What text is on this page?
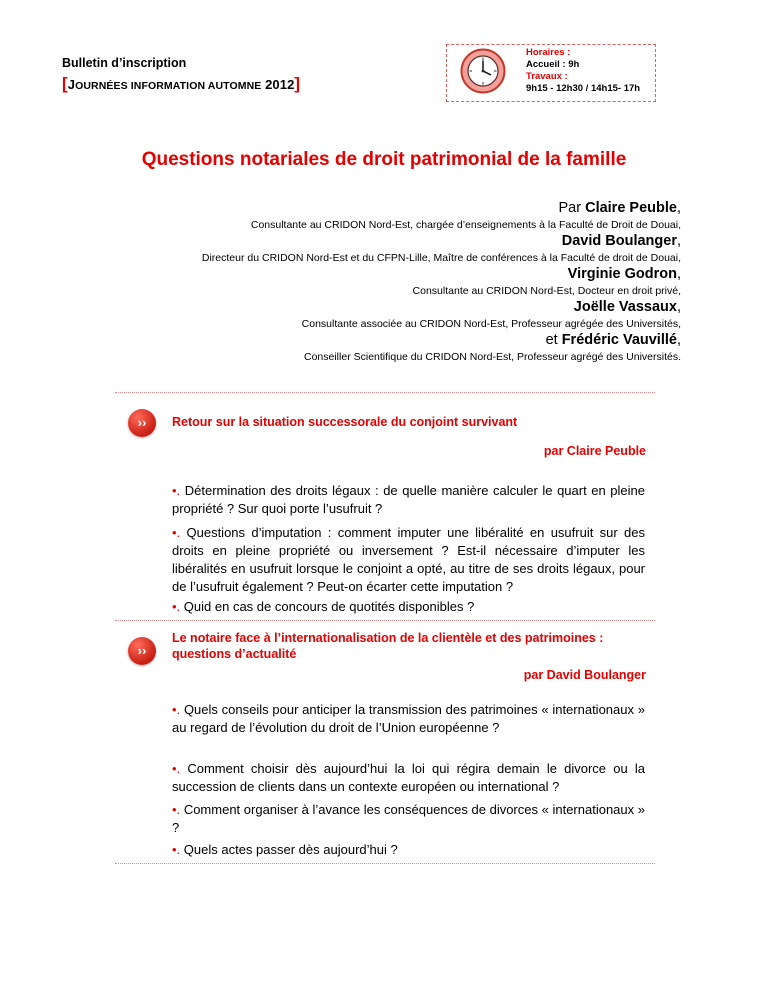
Bulletin d’inscription
[JOURNÉES INFORMATION AUTOMNE 2012]
Horaires :
Accueil : 9h
Travaux :
9h15 - 12h30 / 14h15- 17h
Questions notariales de droit patrimonial de la famille
Par Claire Peuble,
Consultante au CRIDON Nord-Est, chargée d’enseignements à la Faculté de Droit de Douai,
David Boulanger,
Directeur du CRIDON Nord-Est et du CFPN-Lille, Maître de conférences à la Faculté de droit de Douai,
Virginie Godron,
Consultante au CRIDON Nord-Est, Docteur en droit privé,
Joëlle Vassaux,
Consultante associée au CRIDON Nord-Est, Professeur agrégée des Universités,
et Frédéric Vauvillé,
Conseiller Scientifique du CRIDON Nord-Est, Professeur agrégé des Universités.
››	Retour sur la situation successorale du conjoint survivant
par Claire Peuble
•. Détermination des droits légaux : de quelle manière calculer le quart en pleine propriété ? Sur quoi porte l’usufruit ?
•. Questions d’imputation : comment imputer une libéralité en usufruit sur des droits en pleine propriété ou inversement ? Est-il nécessaire d’imputer les libéralités en usufruit lorsque le conjoint a opté, au titre de ses droits légaux, pour de l’usufruit également ? Peut-on écarter cette imputation ?
•. Quid en cas de concours de quotités disponibles ?
››
Le notaire face à l’internationalisation de la clientèle et des patrimoines : questions d’actualité
par David Boulanger
•. Quels conseils pour anticiper la transmission des patrimoines « internationaux » au regard de l’évolution du droit de l’Union européenne ?
•. Comment choisir dès aujourd’hui la loi qui régira demain le divorce ou la succession de clients dans un contexte européen ou international ?
•. Comment organiser à l’avance les conséquences de divorces « internationaux » ?
•. Quels actes passer dès aujourd’hui ?
